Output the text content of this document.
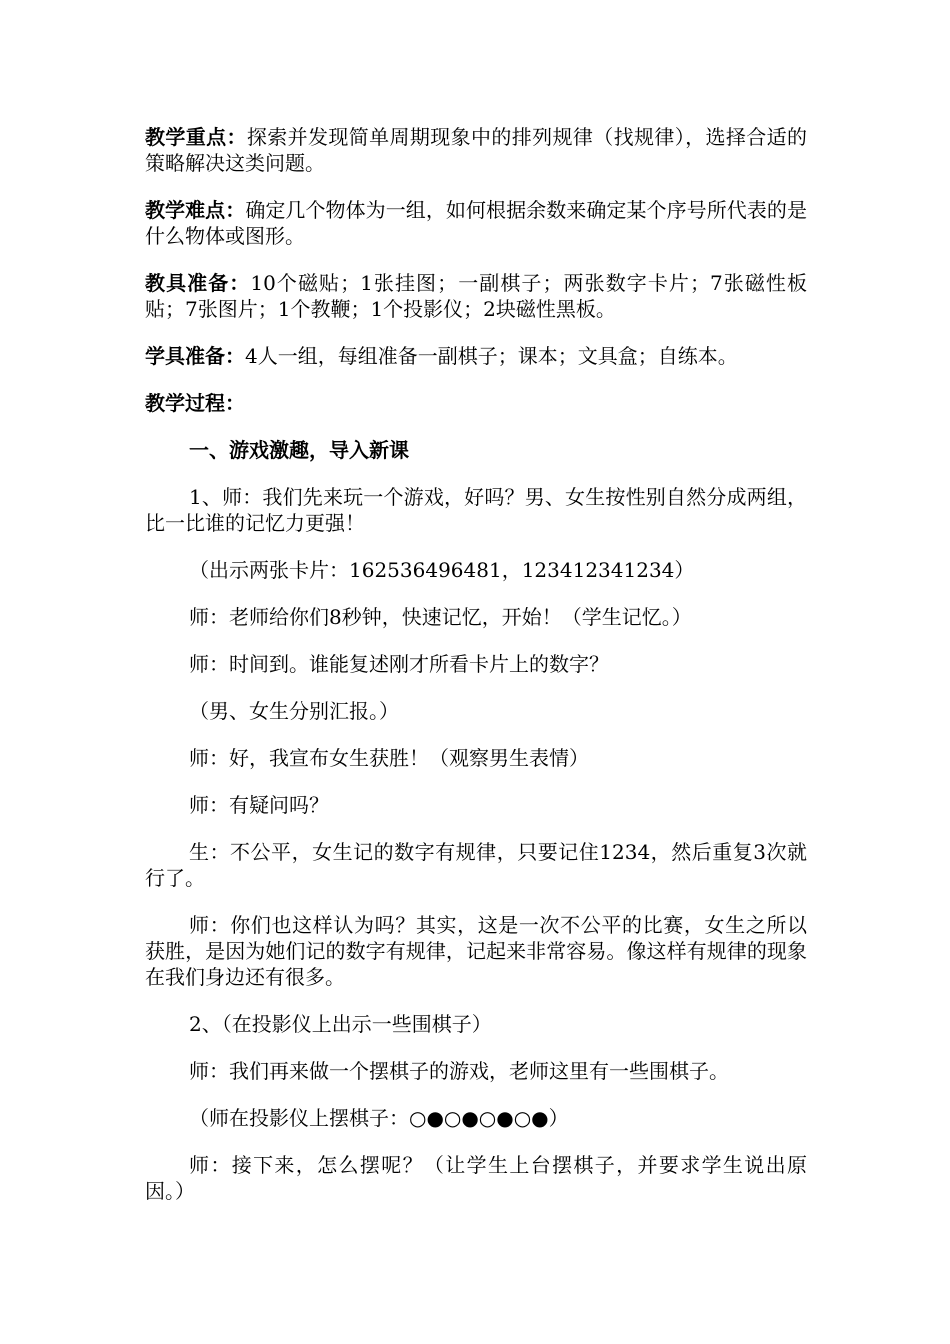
教学重点：探索并发现简单周期现象中的排列规律（找规律），选择合适的策略解决这类问题。

教学难点：确定几个物体为一组，如何根据余数来确定某个序号所代表的是什么物体或图形。

教具准备：10个磁贴；1张挂图；一副棋子；两张数字卡片；7张磁性板贴；7张图片；1个教鞭；1个投影仪；2块磁性黑板。

学具准备：4人一组，每组准备一副棋子；课本；文具盒；自练本。

教学过程：

一、游戏激趣，导入新课

1、师：我们先来玩一个游戏，好吗？男、女生按性别自然分成两组，比一比谁的记忆力更强！

（出示两张卡片：162536496481，123412341234）

师：老师给你们8秒钟，快速记忆，开始！（学生记忆。）

师：时间到。谁能复述刚才所看卡片上的数字？

（男、女生分别汇报。）

师：好，我宣布女生获胜！（观察男生表情）

师：有疑问吗？

生：不公平，女生记的数字有规律，只要记住1234，然后重复3次就行了。

师：你们也这样认为吗？其实，这是一次不公平的比赛，女生之所以获胜，是因为她们记的数字有规律，记起来非常容易。像这样有规律的现象在我们身边还有很多。

2、（在投影仪上出示一些围棋子）

师：我们再来做一个摆棋子的游戏，老师这里有一些围棋子。

（师在投影仪上摆棋子：○●○●○●○●）

师：接下来，怎么摆呢？（让学生上台摆棋子，并要求学生说出原因。）
